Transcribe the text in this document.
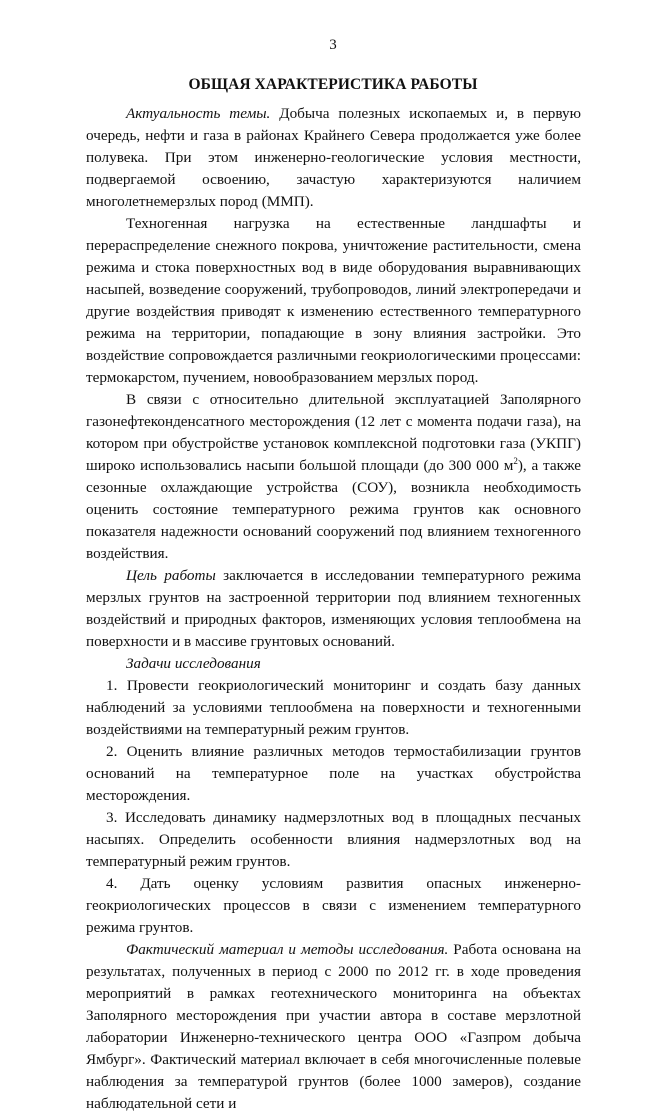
3
ОБЩАЯ ХАРАКТЕРИСТИКА РАБОТЫ

Актуальность темы. Добыча полезных ископаемых и, в первую очередь, нефти и газа в районах Крайнего Севера продолжается уже более полувека. При этом инженерно-геологические условия местности, подвергаемой освоению, зачастую характеризуются наличием многолетнемерзлых пород (ММП).

Техногенная нагрузка на естественные ландшафты и перераспределение снежного покрова, уничтожение растительности, смена режима и стока поверхностных вод в виде оборудования выравнивающих насыпей, возведение сооружений, трубопроводов, линий электропередачи и другие воздействия приводят к изменению естественного температурного режима на территории, попадающие в зону влияния застройки. Это воздействие сопровождается различными геокриологическими процессами: термокарстом, пучением, новообразованием мерзлых пород.

В связи с относительно длительной эксплуатацией Заполярного газонефтеконденсатного месторождения (12 лет с момента подачи газа), на котором при обустройстве установок комплексной подготовки газа (УКПГ) широко использовались насыпи большой площади (до 300 000 $м^2$), а также сезонные охлаждающие устройства (СОУ), возникла необходимость оценить состояние температурного режима грунтов как основного показателя надежности оснований сооружений под влиянием техногенного воздействия.

Цель работы заключается в исследовании температурного режима мерзлых грунтов на застроенной территории под влиянием техногенных воздействий и природных факторов, изменяющих условия теплообмена на поверхности и в массиве грунтовых оснований.

Задачи исследования

1. Провести геокриологический мониторинг и создать базу данных наблюдений за условиями теплообмена на поверхности и техногенными воздействиями на температурный режим грунтов.

2. Оценить влияние различных методов термостабилизации грунтов оснований на температурное поле на участках обустройства месторождения.

3. Исследовать динамику надмерзлотных вод в площадных песчаных насыпях. Определить особенности влияния надмерзлотных вод на температурный режим грунтов.

4. Дать оценку условиям развития опасных инженерно-геокриологических процессов в связи с изменением температурного режима грунтов.

Фактический материал и методы исследования. Работа основана на результатах, полученных в период с 2000 по 2012 гг. в ходе проведения мероприятий в рамках геотехнического мониторинга на объектах Заполярного месторождения при участии автора в составе мерзлотной лаборатории Инженерно-технического центра ООО «Газпром добыча Ямбург». Фактический материал включает в себя многочисленные полевые наблюдения за температурой грунтов (более 1000 замеров), создание наблюдательной сети и
